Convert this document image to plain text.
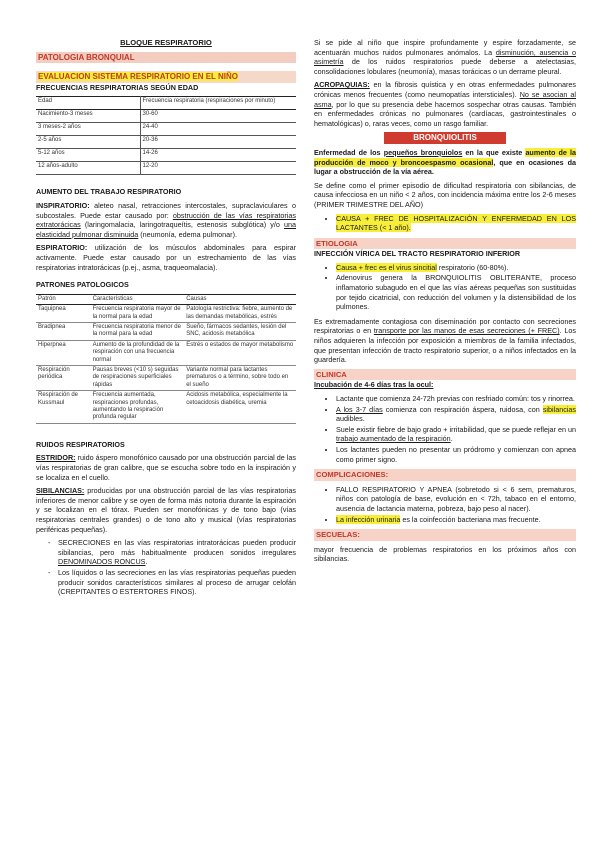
BLOQUE RESPIRATORIO

PATOLOGIA BRONQUIAL
EVALUACION SISTEMA RESPIRATORIO EN EL NIÑO

FRECUENCIAS RESPIRATORIAS SEGÚN EDAD

Edad	Frecuencia respiratoria (respiraciones por minuto)
Nacimiento-3 meses	30-60
3 meses-2 años	24-40
2-5 años	20-36
5-12 años	14-26
12 años-adulto	12-20

AUMENTO DEL TRABAJO RESPIRATORIO

INSPIRATORIO: aleteo nasal, retracciones intercostales, supraclaviculares o subcostales. Puede estar causado por: obstrucción de las vías respiratorias extratorácicas (laringomalacia, laringotraqueítis, estenosis subglótica) y/o una elasticidad pulmonar disminuida (neumonía, edema pulmonar).

ESPIRATORIO: utilización de los músculos abdominales para espirar activamente. Puede estar causado por un estrechamiento de las vías respiratorias intratorácicas (p.ej., asma, traqueomalacia).

PATRONES PATOLOGICOS

Patrón	Características	Causas
Taquipnea	Frecuencia respiratoria mayor de la normal para la edad	Patología restrictiva: fiebre, aumento de las demandas metabólicas, estrés
Bradipnea	Frecuencia respiratoria menor de la normal para la edad	Sueño, fármacos sedantes, lesión del SNC, acidosis metabólica
Hiperpnea	Aumento de la profundidad de la respiración con una frecuencia normal	Estrés o estados de mayor metabolismo
Respiración periódica	Pausas breves (<10 s) seguidas de respiraciones superficiales rápidas	Variante normal para lactantes prematuros o a término, sobre todo en el sueño
Respiración de Kussmaul	Frecuencia aumentada, respiraciones profundas, aumentando la respiración profunda regular	Acidosis metabólica, especialmente la cetoacidosis diabética, uremia

RUIDOS RESPIRATORIOS

ESTRIDOR: ruido áspero monofónico causado por una obstrucción parcial de las vías respiratorias de gran calibre, que se escucha sobre todo en la inspiración y se localiza en el cuello.

SIBILANCIAS: producidas por una obstrucción parcial de las vías respiratorias inferiores de menor calibre y se oyen de forma más notoria durante la espiración y se localizan en el tórax. Pueden ser monofónicas y de tono bajo (vías respiratorias centrales grandes) o de tono alto y musical (vías respiratorias periféricas pequeñas).

- SECRECIONES en las vías respiratorias intratorácicas pueden producir sibilancias, pero más habitualmente producen sonidos irregulares DENOMINADOS RONCUS.
- Los líquidos o las secreciones en las vías respiratorias pequeñas pueden producir sonidos característicos similares al proceso de arrugar celofán (CREPITANTES O ESTERTORES FINOS).

Si se pide al niño que inspire profundamente y espire forzadamente, se acentuarán muchos ruidos pulmonares anómalos. La disminución, ausencia o asimetría de los ruidos respiratorios puede deberse a atelectasias, consolidaciones lobulares (neumonía), masas torácicas o un derrame pleural.

ACROPAQUIAS: en la fibrosis quística y en otras enfermedades pulmonares crónicas menos frecuentes (como neumopatías intersticiales). No se asocian al asma, por lo que su presencia debe hacernos sospechar otras causas. También en enfermedades crónicas no pulmonares (cardíacas, gastrointestinales o hematológicas) o, raras veces, como un rasgo familiar.

BRONQUIOLITIS

Enfermedad de los pequeños bronquiolos en la que existe aumento de la producción de moco y broncoespasmo ocasional, que en ocasiones da lugar a obstrucción de la vía aérea.

Se define como el primer episodio de dificultad respiratoria con sibilancias, de causa infecciosa en un niño < 2 años, con incidencia máxima entre los 2-6 meses (PRIMER TRIMESTRE DEL AÑO)

• CAUSA + FREC DE HOSPITALIZACIÓN Y ENFERMEDAD EN LOS LACTANTES (< 1 año).
ETIOLOGIA

INFECCIÓN VÍRICA DEL TRACTO RESPIRATORIO INFERIOR

• Causa + frec es el virus sincitial respiratorio (60-80%).
• Adenovirus genera la BRONQUIOLITIS OBLITERANTE, proceso inflamatorio subagudo en el que las vías aéreas pequeñas son sustituidas por tejido cicatricial, con reducción del volumen y la distensibilidad de los pulmones.

Es extremadamente contagiosa con diseminación por contacto con secreciones respiratorias o en transporte por las manos de esas secreciones (+ FREC). Los niños adquieren la infección por exposición a miembros de la familia infectados, que presentan infección de tracto respiratorio superior, o a niños infectados en la guardería.

CLINICA

Incubación de 4-6 días tras la ocul:

• Lactante que comienza 24-72h previas con resfriado común: tos y rinorrea.
• A los 3-7 días comienza con respiración áspera, ruidosa, con sibilancias audibles.
• Suele existir fiebre de bajo grado + irritabilidad, que se puede reflejar en un trabajo aumentado de la respiración.
• Los lactantes pueden no presentar un pródromo y comienzan con apnea como primer signo.
COMPLICACIONES:
• FALLO RESPIRATORIO Y APNEA (sobretodo si < 6 sem, prematuros, niños con patología de base, evolución en < 72h, tabaco en el entorno, ausencia de lactancia materna, pobreza, bajo peso al nacer).
• La infección urinaria es la coinfección bacteriana mas frecuente.
SECUELAS:

mayor frecuencia de problemas respiratorios en los próximos años con sibilancias.
